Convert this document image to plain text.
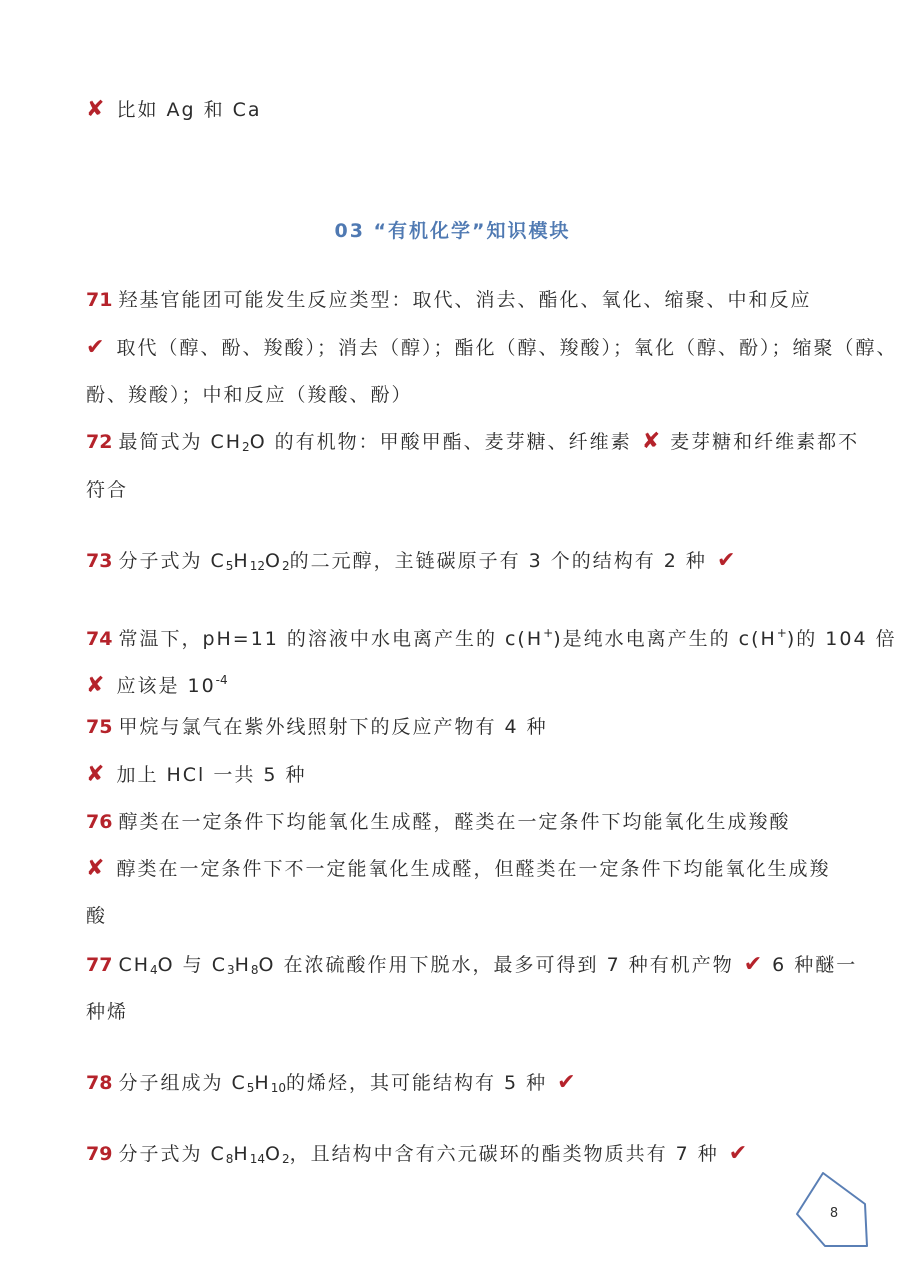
✘ 比如 Ag 和 Ca
03 “有机化学”知识模块
71 羟基官能团可能发生反应类型：取代、消去、酯化、氧化、缩聚、中和反应
✔ 取代（醇、酚、羧酸）；消去（醇）；酯化（醇、羧酸）；氧化（醇、酚）；缩聚（醇、
酚、羧酸）；中和反应（羧酸、酚）
72 最简式为 $CH_2O$ 的有机物：甲酸甲酯、麦芽糖、纤维素 ✘ 麦芽糖和纤维素都不
符合
73 分子式为 $C_5H_{12}O_2$的二元醇，主链碳原子有 3 个的结构有 2 种 ✔
74 常温下，pH=11 的溶液中水电离产生的 c(H+)是纯水电离产生的 c(H+)的 104 倍
✘ 应该是 $10^{-4}$
75 甲烷与氯气在紫外线照射下的反应产物有 4 种
✘ 加上 HCl 一共 5 种
76 醇类在一定条件下均能氧化生成醛，醛类在一定条件下均能氧化生成羧酸
✘ 醇类在一定条件下不一定能氧化生成醛，但醛类在一定条件下均能氧化生成羧
酸
77 $CH_4O$ 与 $C_3H_8O$ 在浓硫酸作用下脱水，最多可得到 7 种有机产物 ✔ 6 种醚一
种烯
78 分子组成为 $C_5H_{10}$的烯烃，其可能结构有 5 种 ✔
79 分子式为 $C_8H_{14}O_2$，且结构中含有六元碳环的酯类物质共有 7 种 ✔
8
